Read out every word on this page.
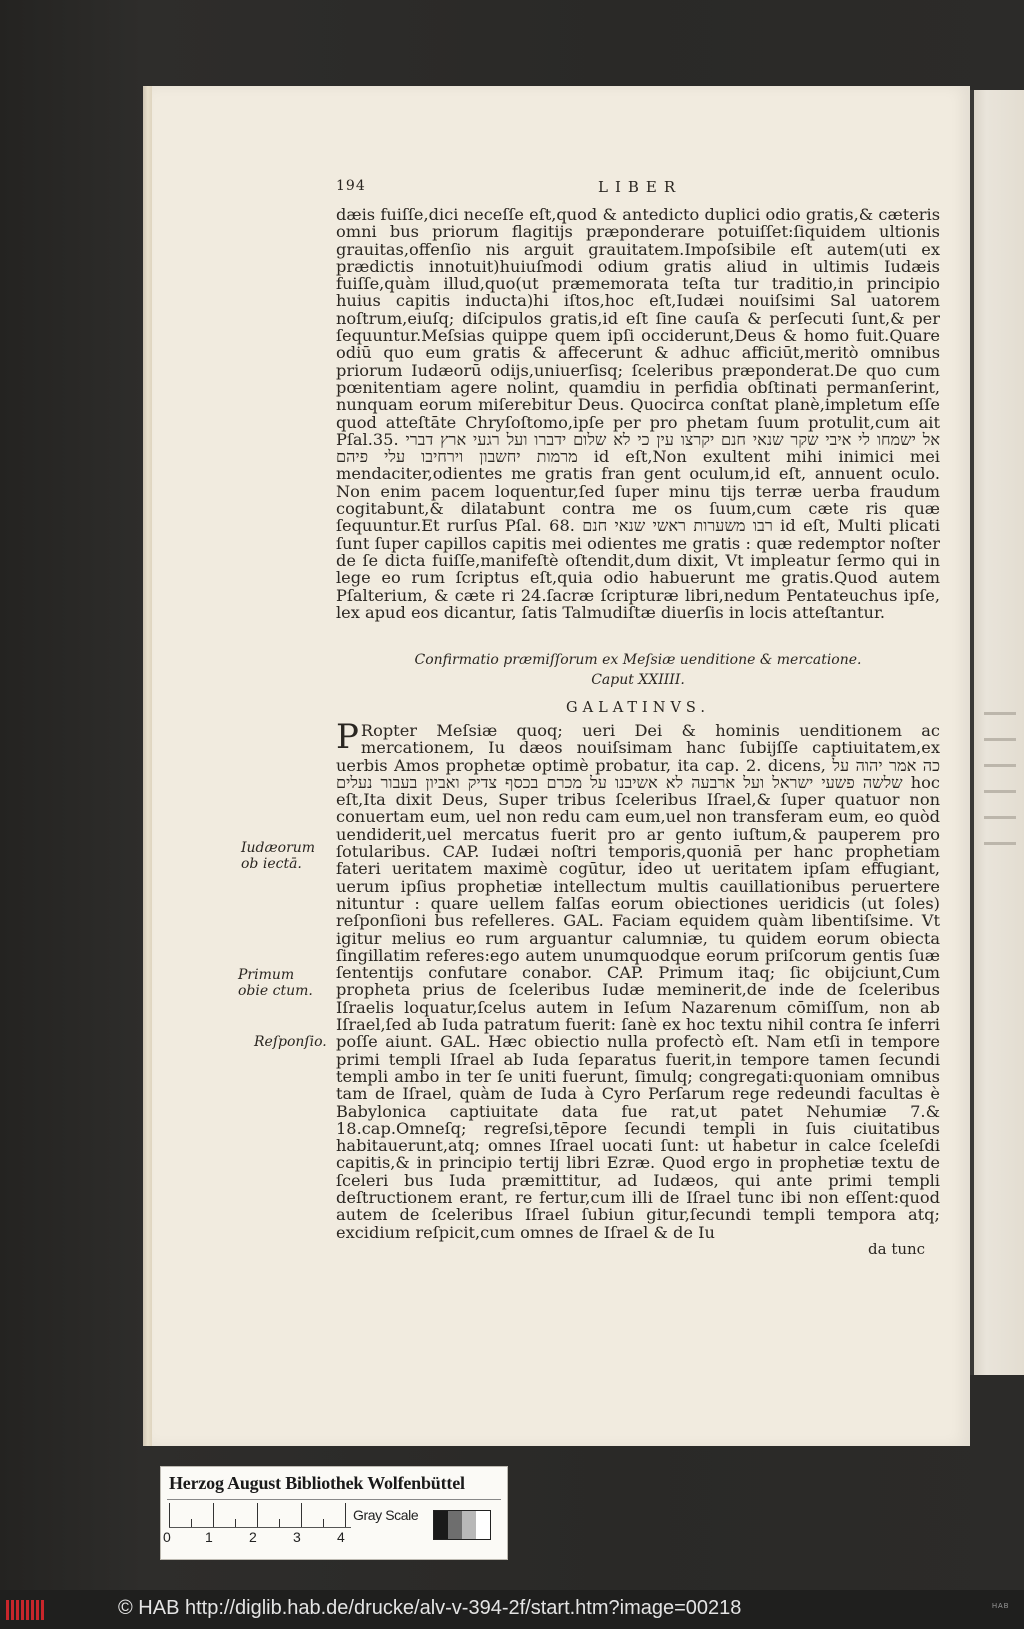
194	LIBER

dæis fuiſſe,dici neceſſe eſt,quod & antedicto duplici odio gratis,& cæteris omni bus priorum flagitijs præponderare potuiſſet:ſiquidem ultionis grauitas,offenſio nis arguit grauitatem.Impoſsibile eſt autem(uti ex prædictis innotuit)huiuſmodi odium gratis aliud in ultimis Iudæis fuiſſe,quàm illud,quo(ut præmemorata teſta tur traditio,in principio huius capitis inducta)hi iſtos,hoc eſt,Iudæi nouiſsimi Sal uatorem noſtrum,eiuſq; diſcipulos gratis,id eſt ſine cauſa & perſecuti ſunt,& per ſequuntur.Meſsias quippe quem ipſi occiderunt,Deus & homo fuit.Quare odiū quo eum gratis & affecerunt & adhuc afficiūt,meritò omnibus priorum Iudæorū odijs,uniuerſisq; ſceleribus præponderat.De quo cum pœnitentiam agere nolint, quamdiu in perfidia obſtinati permanſerint, nunquam eorum miſerebitur Deus. Quocirca conſtat planè,impletum eſſe quod atteſtāte Chryſoſtomo,ipſe per pro phetam ſuum protulit,cum ait Pſal.35. אל ישמחו לי איבי שקר שנאי חנם יקרצו עין כי לא שלום ידברו ועל רגעי ארץ דברי מרמות יחשבון וירחיבו עלי פיהם id eſt,Non exultent mihi inimici mei mendaciter,odientes me gratis fran gent oculum,id eſt, annuent oculo. Non enim pacem loquentur,ſed ſuper minu tijs terræ uerba fraudum cogitabunt,& dilatabunt contra me os ſuum,cum cæte ris quæ ſequuntur.Et rurſus Pſal. 68. רבו משערות ראשי שנאי חנם id eſt, Multi plicati ſunt ſuper capillos capitis mei odientes me gratis : quæ redemptor noſter de ſe dicta fuiſſe,manifeſtè oſtendit,dum dixit, Vt impleatur ſermo qui in lege eo rum ſcriptus eſt,quia odio habuerunt me gratis.Quod autem Pſalterium, & cæte ri 24.ſacræ ſcripturæ libri,nedum Pentateuchus ipſe, lex apud eos dicantur, ſatis Talmudiſtæ diuerſis in locis atteſtantur.

Confirmatio præmiſſorum ex Meſsiæ uenditione & mercatione.
Caput XXIIII.
GALATINVS.

PRopter Meſsiæ quoq; ueri Dei & hominis uenditionem ac mercationem, Iu dæos nouiſsimam hanc ſubijſſe captiuitatem,ex uerbis Amos prophetæ optimè probatur, ita cap. 2. dicens, כה אמר יהוה על שלשה פשעי ישראל ועל ארבעה לא אשיבנו על מכרם בכסף צדיק ואביון בעבור נעלים hoc eſt,Ita dixit Deus, Super tribus ſceleribus Iſrael,& ſuper quatuor non conuertam eum, uel non redu cam eum,uel non transferam eum, eo quòd uendiderit,uel mercatus fuerit pro ar gento iuſtum,& pauperem pro ſotularibus. CAP. Iudæi noſtri temporis,quoniā per hanc prophetiam fateri ueritatem maximè cogūtur, ideo ut ueritatem ipſam effugiant, uerum ipſius prophetiæ intellectum multis cauillationibus peruertere nituntur : quare uellem falſas eorum obiectiones ueridicis (ut ſoles) reſponſioni bus refelleres. GAL. Faciam equidem quàm libentiſsime. Vt igitur melius eo rum arguantur calumniæ, tu quidem eorum obiecta ſingillatim referes:ego autem unumquodque eorum priſcorum gentis ſuæ ſententijs confutare conabor. CAP. Primum itaq; ſic obijciunt,Cum propheta prius de ſceleribus Iudæ meminerit,de inde de ſceleribus Iſraelis loquatur,ſcelus autem in Ieſum Nazarenum cōmiſſum, non ab Iſrael,ſed ab Iuda patratum fuerit: ſanè ex hoc textu nihil contra ſe inferri poſſe aiunt. GAL. Hæc obiectio nulla profectò eſt. Nam etſi in tempore primi templi Iſrael ab Iuda ſeparatus fuerit,in tempore tamen ſecundi templi ambo in ter ſe uniti fuerunt, ſimulq; congregati:quoniam omnibus tam de Iſrael, quàm de Iuda à Cyro Perſarum rege redeundi facultas è Babylonica captiuitate data fue rat,ut patet Nehumiæ 7.& 18.cap.Omneſq; regreſsi,tēpore ſecundi templi in ſuis ciuitatibus habitauerunt,atq; omnes Iſrael uocati ſunt: ut habetur in calce ſceleſdi capitis,& in principio tertij libri Ezræ. Quod ergo in prophetiæ textu de ſceleri bus Iuda præmittitur, ad Iudæos, qui ante primi templi deſtructionem erant, re fertur,cum illi de Iſrael tunc ibi non eſſent:quod autem de ſceleribus Iſrael ſubiun gitur,ſecundi templi tempora atq; excidium reſpicit,cum omnes de Iſrael & de Iu

da tunc
Iudæorum ob iectā.
Primum obie ctum.
Reſponſio.
Herzog August Bibliothek Wolfenbüttel
0 1	2	3	4
Gray Scale
© HAB http://diglib.hab.de/drucke/alv-v-394-2f/start.htm?image=00218	HAB
